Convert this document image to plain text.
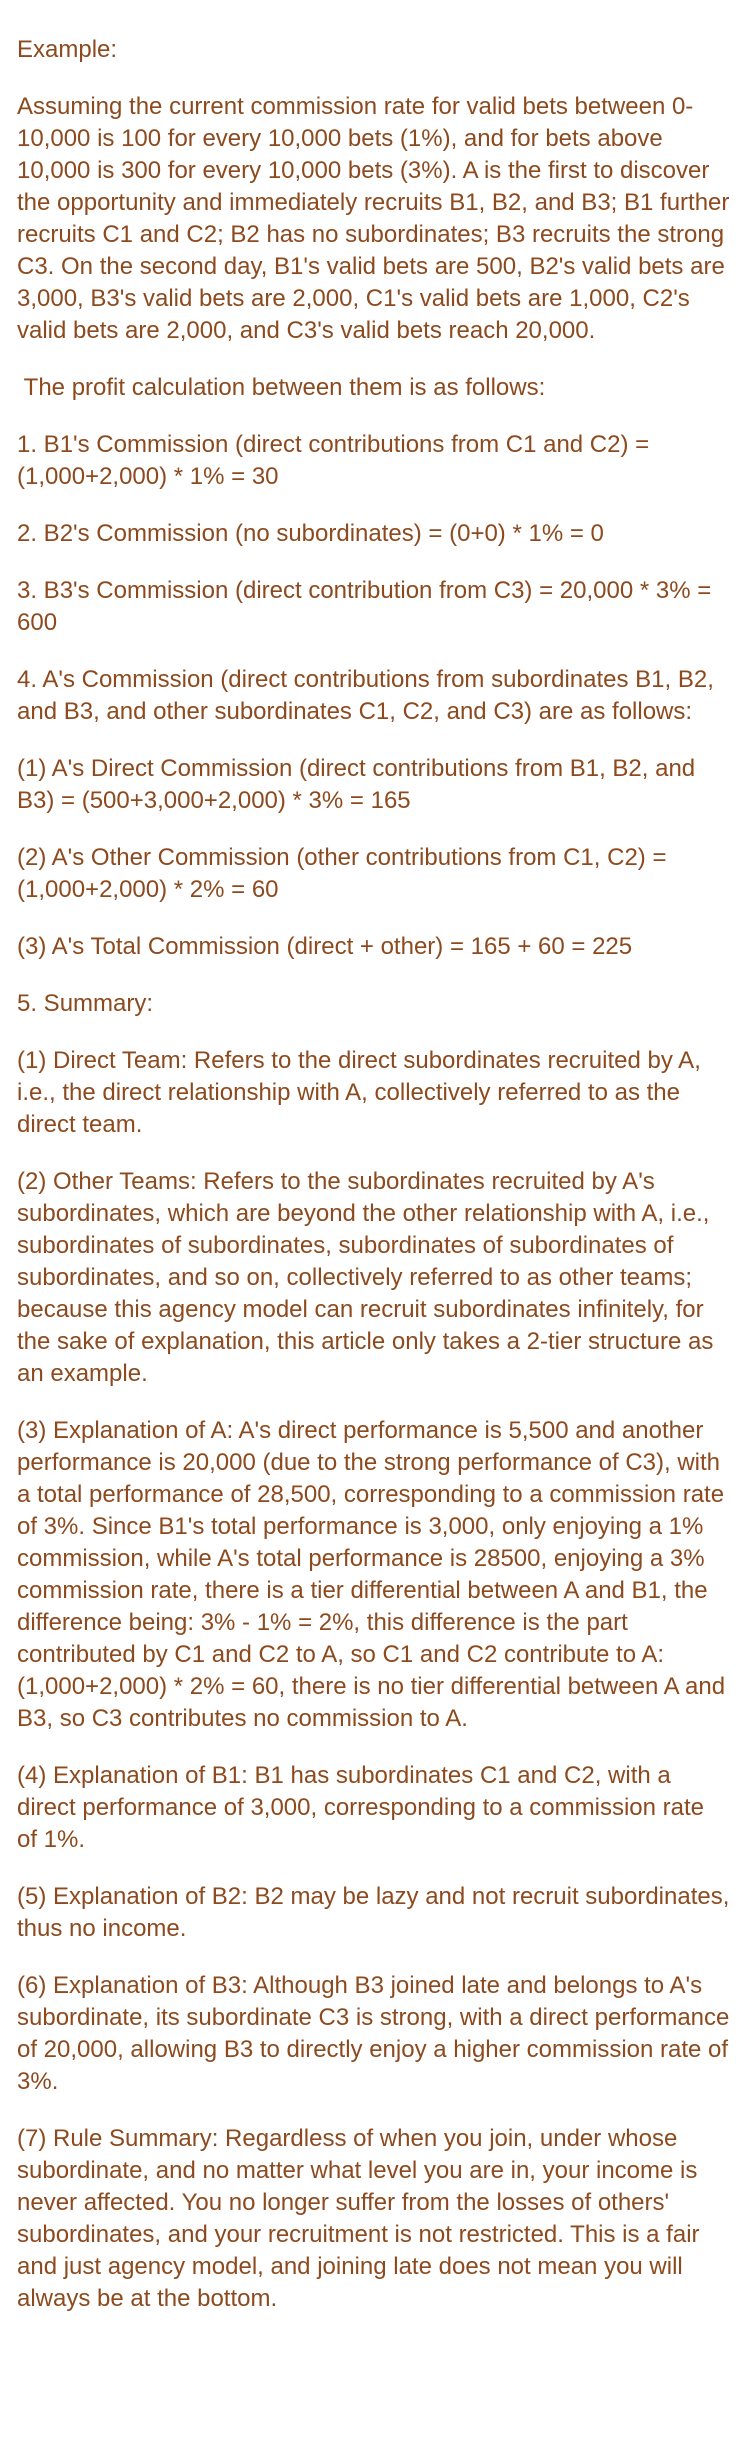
Example:

Assuming the current commission rate for valid bets between 0-10,000 is 100 for every 10,000 bets (1%), and for bets above 10,000 is 300 for every 10,000 bets (3%). A is the first to discover the opportunity and immediately recruits B1, B2, and B3; B1 further recruits C1 and C2; B2 has no subordinates; B3 recruits the strong C3. On the second day, B1's valid bets are 500, B2's valid bets are 3,000, B3's valid bets are 2,000, C1's valid bets are 1,000, C2's valid bets are 2,000, and C3's valid bets reach 20,000.

The profit calculation between them is as follows:

1. B1's Commission (direct contributions from C1 and C2) = (1,000+2,000) * 1% = 30

2. B2's Commission (no subordinates) = (0+0) * 1% = 0

3. B3's Commission (direct contribution from C3) = 20,000 * 3% = 600

4. A's Commission (direct contributions from subordinates B1, B2, and B3, and other subordinates C1, C2, and C3) are as follows:

(1) A's Direct Commission (direct contributions from B1, B2, and B3) = (500+3,000+2,000) * 3% = 165

(2) A's Other Commission (other contributions from C1, C2) = (1,000+2,000) * 2% = 60

(3) A's Total Commission (direct + other) = 165 + 60 = 225

5. Summary:

(1) Direct Team: Refers to the direct subordinates recruited by A, i.e., the direct relationship with A, collectively referred to as the direct team.

(2) Other Teams: Refers to the subordinates recruited by A's subordinates, which are beyond the other relationship with A, i.e., subordinates of subordinates, subordinates of subordinates of subordinates, and so on, collectively referred to as other teams; because this agency model can recruit subordinates infinitely, for the sake of explanation, this article only takes a 2-tier structure as an example.

(3) Explanation of A: A's direct performance is 5,500 and another performance is 20,000 (due to the strong performance of C3), with a total performance of 28,500, corresponding to a commission rate of 3%. Since B1's total performance is 3,000, only enjoying a 1% commission, while A's total performance is 28500, enjoying a 3% commission rate, there is a tier differential between A and B1, the difference being: 3% - 1% = 2%, this difference is the part contributed by C1 and C2 to A, so C1 and C2 contribute to A: (1,000+2,000) * 2% = 60, there is no tier differential between A and B3, so C3 contributes no commission to A.

(4) Explanation of B1: B1 has subordinates C1 and C2, with a direct performance of 3,000, corresponding to a commission rate of 1%.

(5) Explanation of B2: B2 may be lazy and not recruit subordinates, thus no income.

(6) Explanation of B3: Although B3 joined late and belongs to A's subordinate, its subordinate C3 is strong, with a direct performance of 20,000, allowing B3 to directly enjoy a higher commission rate of 3%.

(7) Rule Summary: Regardless of when you join, under whose subordinate, and no matter what level you are in, your income is never affected. You no longer suffer from the losses of others' subordinates, and your recruitment is not restricted. This is a fair and just agency model, and joining late does not mean you will always be at the bottom.
